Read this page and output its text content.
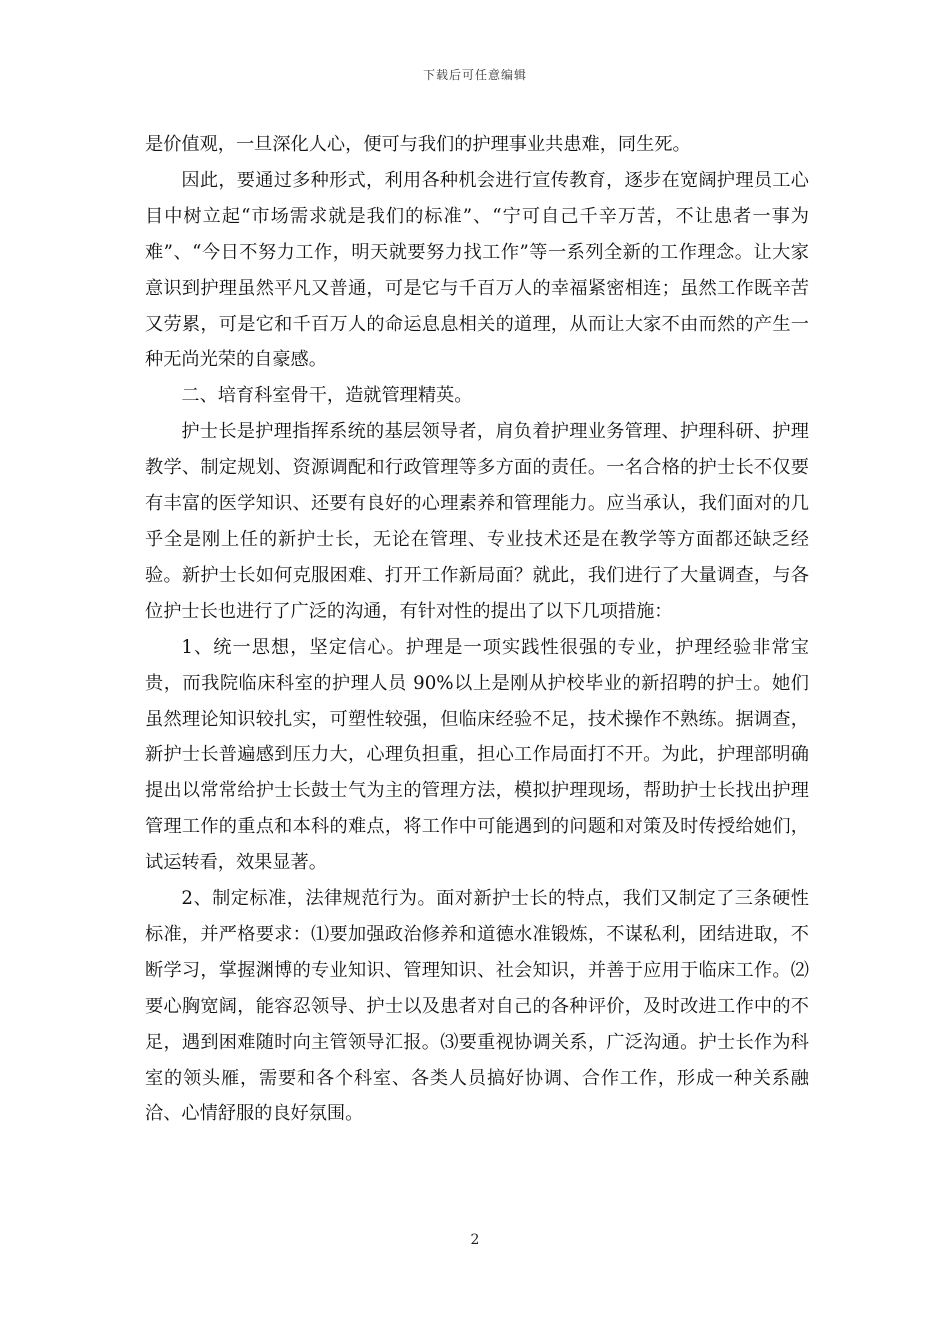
下载后可任意编辑

是价值观，一旦深化人心，便可与我们的护理事业共患难，同生死。

因此，要通过多种形式，利用各种机会进行宣传教育，逐步在宽阔护理员工心目中树立起“市场需求就是我们的标准”、“宁可自己千辛万苦，不让患者一事为难”、“今日不努力工作，明天就要努力找工作”等一系列全新的工作理念。让大家意识到护理虽然平凡又普通，可是它与千百万人的幸福紧密相连；虽然工作既辛苦又劳累，可是它和千百万人的命运息息相关的道理，从而让大家不由而然的产生一种无尚光荣的自豪感。

二、培育科室骨干，造就管理精英。

护士长是护理指挥系统的基层领导者，肩负着护理业务管理、护理科研、护理教学、制定规划、资源调配和行政管理等多方面的责任。一名合格的护士长不仅要有丰富的医学知识、还要有良好的心理素养和管理能力。应当承认，我们面对的几乎全是刚上任的新护士长，无论在管理、专业技术还是在教学等方面都还缺乏经验。新护士长如何克服困难、打开工作新局面？就此，我们进行了大量调查，与各位护士长也进行了广泛的沟通，有针对性的提出了以下几项措施：

1、统一思想，坚定信心。护理是一项实践性很强的专业，护理经验非常宝贵，而我院临床科室的护理人员 90%以上是刚从护校毕业的新招聘的护士。她们虽然理论知识较扎实，可塑性较强，但临床经验不足，技术操作不熟练。据调查，新护士长普遍感到压力大，心理负担重，担心工作局面打不开。为此，护理部明确提出以常常给护士长鼓士气为主的管理方法，模拟护理现场，帮助护士长找出护理管理工作的重点和本科的难点，将工作中可能遇到的问题和对策及时传授给她们，试运转看，效果显著。

2、制定标准，法律规范行为。面对新护士长的特点，我们又制定了三条硬性标准，并严格要求：⑴要加强政治修养和道德水准锻炼，不谋私利，团结进取，不断学习，掌握渊博的专业知识、管理知识、社会知识，并善于应用于临床工作。⑵要心胸宽阔，能容忍领导、护士以及患者对自己的各种评价，及时改进工作中的不足，遇到困难随时向主管领导汇报。⑶要重视协调关系，广泛沟通。护士长作为科室的领头雁，需要和各个科室、各类人员搞好协调、合作工作，形成一种关系融洽、心情舒服的良好氛围。

2
